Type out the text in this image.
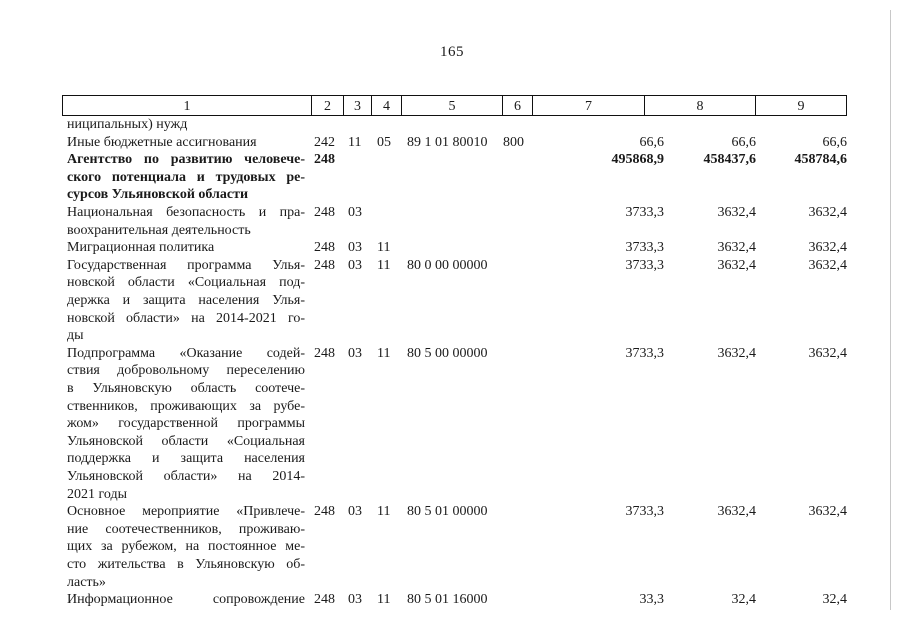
165
1	2	3	4	5	6	7	8	9
ниципальных) нужд
Иные бюджетные ассигнования	242 11 05 89 1 01 80010 800	66,6	66,6	66,6
Агентство по развитию человече-
ского потенциала и трудовых ре-
сурсов Ульяновской области
248	495868,9	458437,6	458784,6
Национальная безопасность и пра-
воохранительная деятельность
248 03	3733,3	3632,4	3632,4
Миграционная политика	248 03 11	3733,3	3632,4	3632,4
Государственная программа Улья-
новской области «Социальная под-
держка и защита населения Улья-
новской области» на 2014-2021 го-
ды
248 03 11 80 0 00 00000	3733,3	3632,4	3632,4
Подпрограмма «Оказание содей-
ствия добровольному переселению
в Ульяновскую область соотече-
ственников, проживающих за рубе-
жом» государственной программы
Ульяновской области «Социальная
поддержка и защита населения
Ульяновской области» на 2014-
2021 годы
248 03 11 80 5 00 00000	3733,3	3632,4	3632,4
Основное мероприятие «Привлече-
ние соотечественников, проживаю-
щих за рубежом, на постоянное ме-
сто жительства в Ульяновскую об-
ласть»
248 03 11 80 5 01 00000	3733,3	3632,4	3632,4
Информационное сопровождение 248 03 11 80 5 01 16000	33,3	32,4	32,4
